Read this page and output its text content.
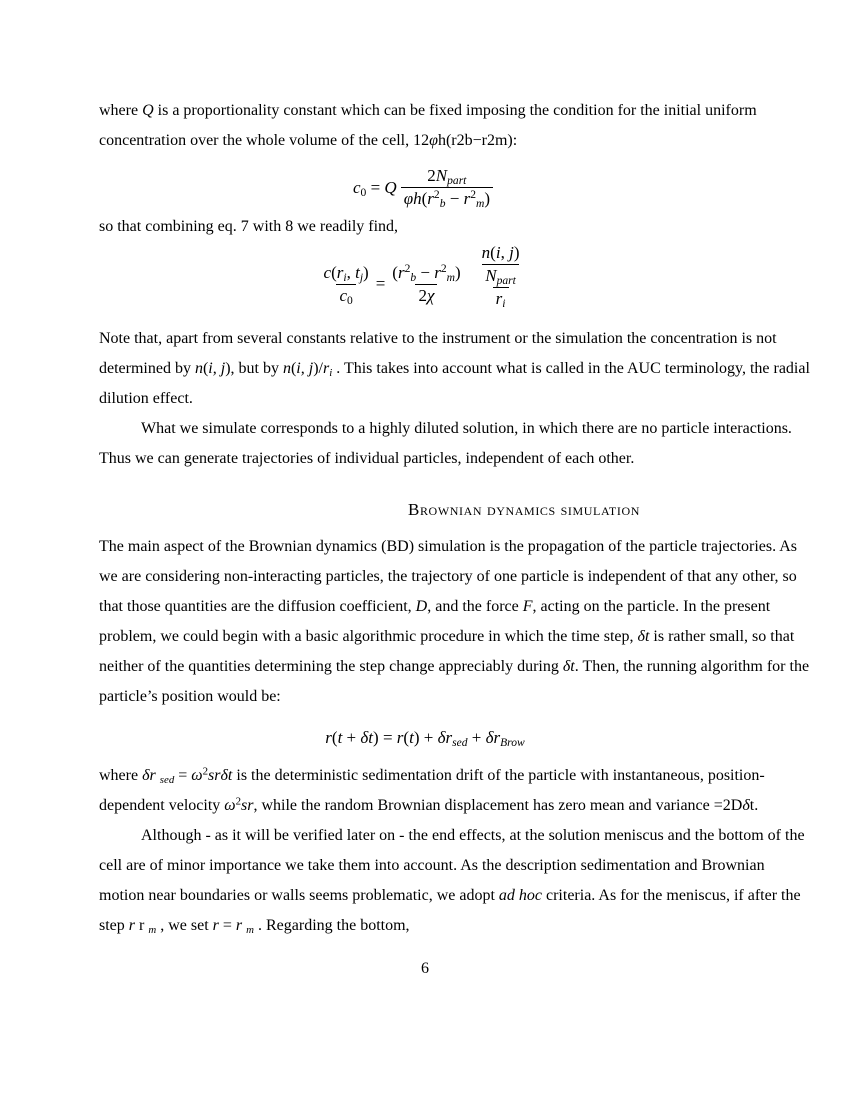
where Q is a proportionality constant which can be fixed imposing the condition for the initial uniform concentration over the whole volume of the cell, 12φh(r2b−r2m):

$c_0 = Q \frac{2N_{part}}{\varphi h(r^2_b - r^2_m)}$

so that combining eq. 7 with 8 we readily find,

$\frac{c(r_i, t_j)}{c_0} = \frac{(r^2_b - r^2_m)}{2\chi} \frac{\frac{n(i, j)}{N_{part}}}{r_i}$

Note that, apart from several constants relative to the instrument or the simulation the concentration is not determined by n(i, j), but by n(i, $j)/r_i$ . This takes into account what is called in the AUC terminology, the radial dilution effect.

What we simulate corresponds to a highly diluted solution, in which there are no particle interactions. Thus we can generate trajectories of individual particles, independent of each other.

Brownian dynamics simulation

The main aspect of the Brownian dynamics (BD) simulation is the propagation of the particle trajectories. As we are considering non-interacting particles, the trajectory of one particle is independent of that any other, so that those quantities are the diffusion coefficient, D, and the force F, acting on the particle. In the present problem, we could begin with a basic algorithmic procedure in which the time step, δt is rather small, so that neither of the quantities determining the step change appreciably during δt. Then, the running algorithm for the particle’s position would be:

$r(t + \delta t) = r(t) + \delta r_{sed} + \delta r_{Brow}$

where δr $_{sed} = \omega^2sr\delta t$ is the deterministic sedimentation drift of the particle with instantaneous, position-dependent velocity $\omega^2sr$, while the random Brownian displacement has zero mean and variance =2Dδt.

Although - as it will be verified later on - the end effects, at the solution meniscus and the bottom of the cell are of minor importance we take them into account. As the description sedimentation and Brownian motion near boundaries or walls seems problematic, we adopt ad hoc criteria. As for the meniscus, if after the step r r $_m$ , we set r = r $_m$ . Regarding the bottom,

6
